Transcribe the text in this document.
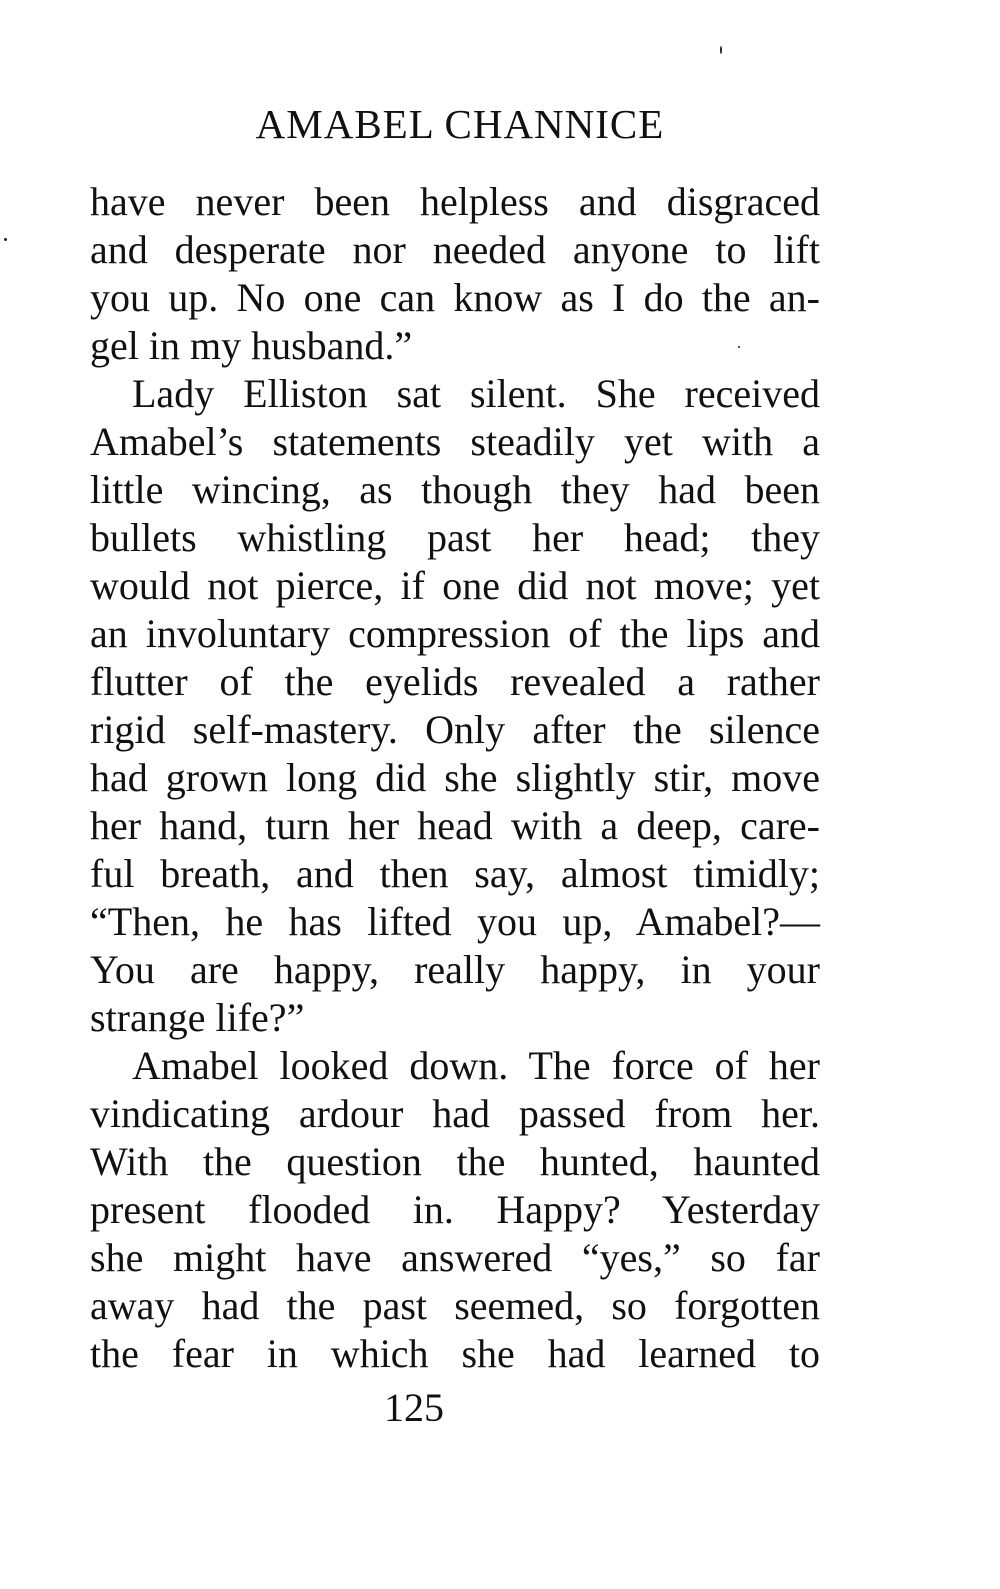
AMABEL CHANNICE
have never been helpless and disgraced
and desperate nor needed anyone to lift
you up. No one can know as I do the an-
gel in my husband.”
Lady Elliston sat silent. She received
Amabel’s statements steadily yet with a
little wincing, as though they had been
bullets whistling past her head; they
would not pierce, if one did not move; yet
an involuntary compression of the lips and
flutter of the eyelids revealed a rather
rigid self-mastery. Only after the silence
had grown long did she slightly stir, move
her hand, turn her head with a deep, care-
ful breath, and then say, almost timidly;
“Then, he has lifted you up, Amabel?—
You are happy, really happy, in your
strange life?”
Amabel looked down. The force of her
vindicating ardour had passed from her.
With the question the hunted, haunted
present flooded in. Happy? Yesterday
she might have answered “yes,” so far
away had the past seemed, so forgotten
the fear in which she had learned to
125
